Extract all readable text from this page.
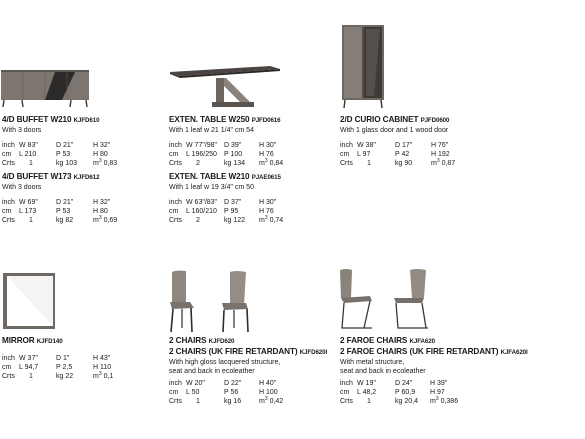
4/D BUFFET W210 KJFD610
With 3 doors
inch W 83"	D 21"	H 32"
cm L 210	P 53	H 80
Crts 1	kg 103 $m^3$ 0,83
4/D BUFFET W173 KJFD612
With 3 doors
inch W 69"	D 21"	H 32"
cm L 173	P 53	H 80
Crts 1	kg 82	$m^3$ 0,69
EXTEN. TABLE W250 PJFD0616
With 1 leaf w 21 1/4" cm 54
inch W 77"/98" D 39"	H 30"
cm L 196/250 P 100 H 76
Crts 2	kg 134 $m^3$ 0,84
EXTEN. TABLE W210 PJAE0615
With 1 leaf w 19 3/4" cm 50
inch W 63"/83" D 37"	H 30"
cm L 160/210 P 95	H 76
Crts 2	kg 122 $m^3$ 0,74
2/D CURIO CABINET PJFD0600
With 1 glass door and 1 wood door
inch W 38"	D 17"	H 76"
cm L 97	P 42	H 192
Crts 1	kg 90	$m^3$ 0,87
MIRROR KJFD140
inch W 37"	D 1"	H 43"
cm L 94,7	P 2,5	H 110
Crts 1	kg 22	$m^3$ 0,1
2 CHAIRS KJFD620
2 CHAIRS (UK FIRE RETARDANT) KJFD620I
With high gloss lacquered structure,
seat and back in ecoleather
inch W 20"	D 22"	H 40"
cm L 50	P 56	H 100
Crts 1	kg 16	$m^3$ 0,42
2 FAROE CHAIRS KJFA620
2 FAROE CHAIRS (UK FIRE RETARDANT) KJFA620I
With metal structure,
seat and back in ecoleather
inch W 19"	D 24"	H 39"
cm L 48,2	P 60,9 H 97
Crts 1	kg 20,4 $m^3$ 0,386
